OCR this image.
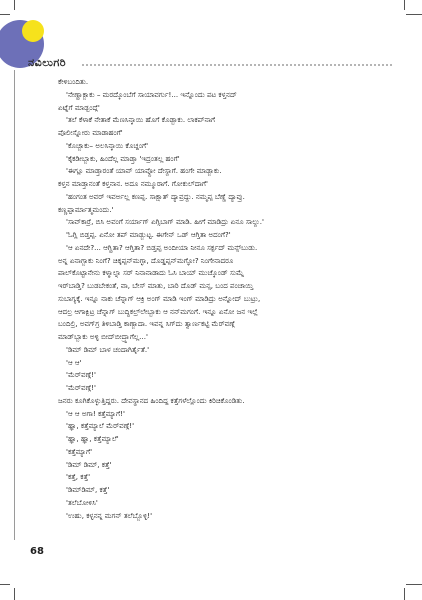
ನವಿಲುಗರಿ
ಕೇಳಿಬಂದಿತು.
'ನೇಣ್ಹಾಕ್ಬಾಕು – ಮರದ್ಕೊಂಬೆಗೆ ಸಾಯಾವರ್ಗು!... ಇನ್ನೊಂದು ಪಟ ಕಳ್ತನದ್
ಏಟ್ನೆಗೆ ಮಾಡ್ಬಂದ್ಗೆ'
'ತಲೆ ಕೆಳಾಕೆ ನೇತಾಕೆ ಮೆಣಸಿನ್ಕಾಯಿ ಹೊಗೆ ಕೊಡ್ಬಾಕು. ಲಾಕಪ್‌ನಾಗೆ
ಪೊಲೀಸ್ನೋರು ಮಾಡಾಹಂಗೆ'
'ಕೊಚ್ಬಾಕು– ಅಲಸಿನ್ಕಾಯಿ ಕೊಚ್ದಂಗೆ'
'ಕೈಕಡೀಬ್ಬಾಕು, ಹಿಂದೆಲ್ಲ ಮಾಡ್ತಾ 'ಇದ್ರಂತಲ್ಲ ಹಂಗೆ'
'ಈಗ್ಲೂ ಮಾಡ್ತಾರಂತೆ ಯಾವ್ ಯಾವ್ದೋ ದೇಸ್ದಾಗೆ. ಹಂಗೇ ಮಾಡ್ಬಾಕು.
ಕಳ್ತನ ಮಾಡ್ತಾನಂತೆ ಕಳ್ತನಾನ. ಅದೂ ನಮ್ಮೂರಾಗೆ. ಗೋಕುಲ್‌ದಾಗೆ'
'ಹಂಗಂತ ಅವರ್ ಇವರ್ಅಲ್ಲ ಕಣಪ್ಪ. ಸಾಕ್ಷಾತ್ ದ್ಯಾವ್ರದ್ದು. ನಮ್ಮಪ್ಪ ಬೆಣ್ಣೆ ದ್ಯಾವ್ರು.
ಕಣ್ಣಪ್ಪಾರ್ಮಾತ್ಮಮಂದು.'
'ಸಾವ್‌ಕಾರ್ರೆ, ಬಿಸಿ ಅವಂಗೆ ಸರ್ಯಾಗ್ ಏಗ್ಸಿಬಾಗ್ ಮಾಡಿ. ಹೀಗೆ ಮಾಡಿದ್ರು ಏನೂ ಸಾಲ್ದು.'
'ಓಗ್ಲಿ ಬಿಡ್ತಪ್ಪ. ಏನೋ ತಪ್ ಮಾಡ್ಬುಟ್ಟ. ಈಗೇನ್ ಒಡ್ ಆಗ್ತಿತಾ ಅದಂಗೆ?'
'ಆ ಏನದೇ?... ಆಗ್ಹಿತಾ? ಆಗ್ತಿತಾ? ಬಿಡ್ತಪ್ಪ ಅಂದೀಯಾ ನೀನೂ ಸರ್ಕ್ಪದ್ ಮನ್ಸ್‌ಬುಡು.
ಅನ್ನ ಏನಾಗ್ಬಾಕು ನಿಂಗೆ? ಚಿಕ್ಕಪ್ಪನ್‌ಮಗ್ಳಾ, ದೊಡ್ಡಪ್ಪನ್‌ಮಗ್ಳೋ? ನಿಂಗೇನಾದರೂ
ಪಾಲ್‌ಕೊಟ್ಟಾನೇನು ಕಳ್ಮಾಲ್ನಾ ಸರ್ ನಿನಾನಾಡಾದು ಓಸಿ ಬಾಯ್ ಮುಚ್ಕೊಂಡ್ ಸುಮ್ನೆ
ಇರ್‌ಬಾಡ್ತಿ? ಬುಡಬೇಕಂತೆ, ವಾ, ಬೇಸ್ ಮಾತು, ಬಾರಿ ದೊಡ್ ಮನ್ಸ, ಬಂದ ಪಂಚಾಯ್ತಿ
ಸುಬಾಗ್ಯಕ್ಕೆ. ಇನ್ನೂ ನಾಕು ಚೆನ್ನಾಗ್ ಆಕ್ರಿ ಅಂಗ್ ಮಾಡಿ ಇಂಗ್ ಮಾಡಿದ್ರು ಅನ್ನೋದ್ ಬುಟ್ರು,
ಆದಲ್ರ ಆಗಾಕ್ಬಿಟ್ರ ಚೆನ್ನಾಗ್ ಬುದ್ಧಿಕಲ್ರ್‌ಲೇಬ್ಬಾಕು ಆ ನನ್‌ಮಗಂಗೆ. ಇನ್ನೂ ಏನೋ ಜನ ಇಲ್ಲೆ
ಬಂದಿಲ್ರಿ, ಅವಗ್‌ಗ್ರ ತಿಳಿಬಾಡ್ತಿ ಕಾಣ್ಬಾದಾ. ಇವನ್ನ ಸಿಗ್‌ದು ತ್ವಾರ್ಣಕಟ್ಟಿ ಮೆರ್‌ವಣ್ಗೆ
ಮಾಡ್‌ಬ್ಬಾಕು ಅಳ್ಳಿ ಬೀದ್‌ಬೀದ್ರ್ನಾಗೆಲ್ಲ...'
'ಡಿಮ್ ಡಿಮ್ ಬಾಳ ಚಂದಾಗಿರ್ತೈತೆ.'
'ಆ ಆ'
'ಮೆರ್‌ವಣ್ಗೆ!'
'ಮೆರ್‌ವಣ್ಗೆ!'
ಜನರು ಕೂಗಿಕೊಳ್ಳುತ್ತಿದ್ದರು. ದೇವಸ್ಥಾನದ ಹಿಂದಿದ್ದ ಕತ್ತೆಗಳೆಲ್ಲೊಂದು ಕಿರಿಚಿಕೊಂಡಿತು.
'ಆ ಆ ಅಗಾ! ಕತ್ತೆಮ್ಯಾಗೆ!'
'ಹ್ಞಾ, ಕತ್ತೆಮ್ಯಾಲೆ ಮೆರ್‌ವಣ್ಗೆ!'
'ಹ್ಞಾ, ಹ್ಞಾ, ಕತ್ತೆಮ್ಯಾಲೆ'
'ಕತ್ತೆಮ್ಯಾಗೆ'
'ಡಿಮ್ ಡಿಮ್, ಕತ್ತೆ'
'ಕತ್ತೆ, ಕತ್ತೆ'
'ಡಿಮ್‌ಡಿಮ್, ಕತ್ತೆ'
'ತಲೆಬೋಳಿಸಿ'
'ಉಹು, ಕಳ್ಳನನ್ನ ಮಗನ್ ತಲೆಬ್ಬೊಳ್ಳಿ!'
68
